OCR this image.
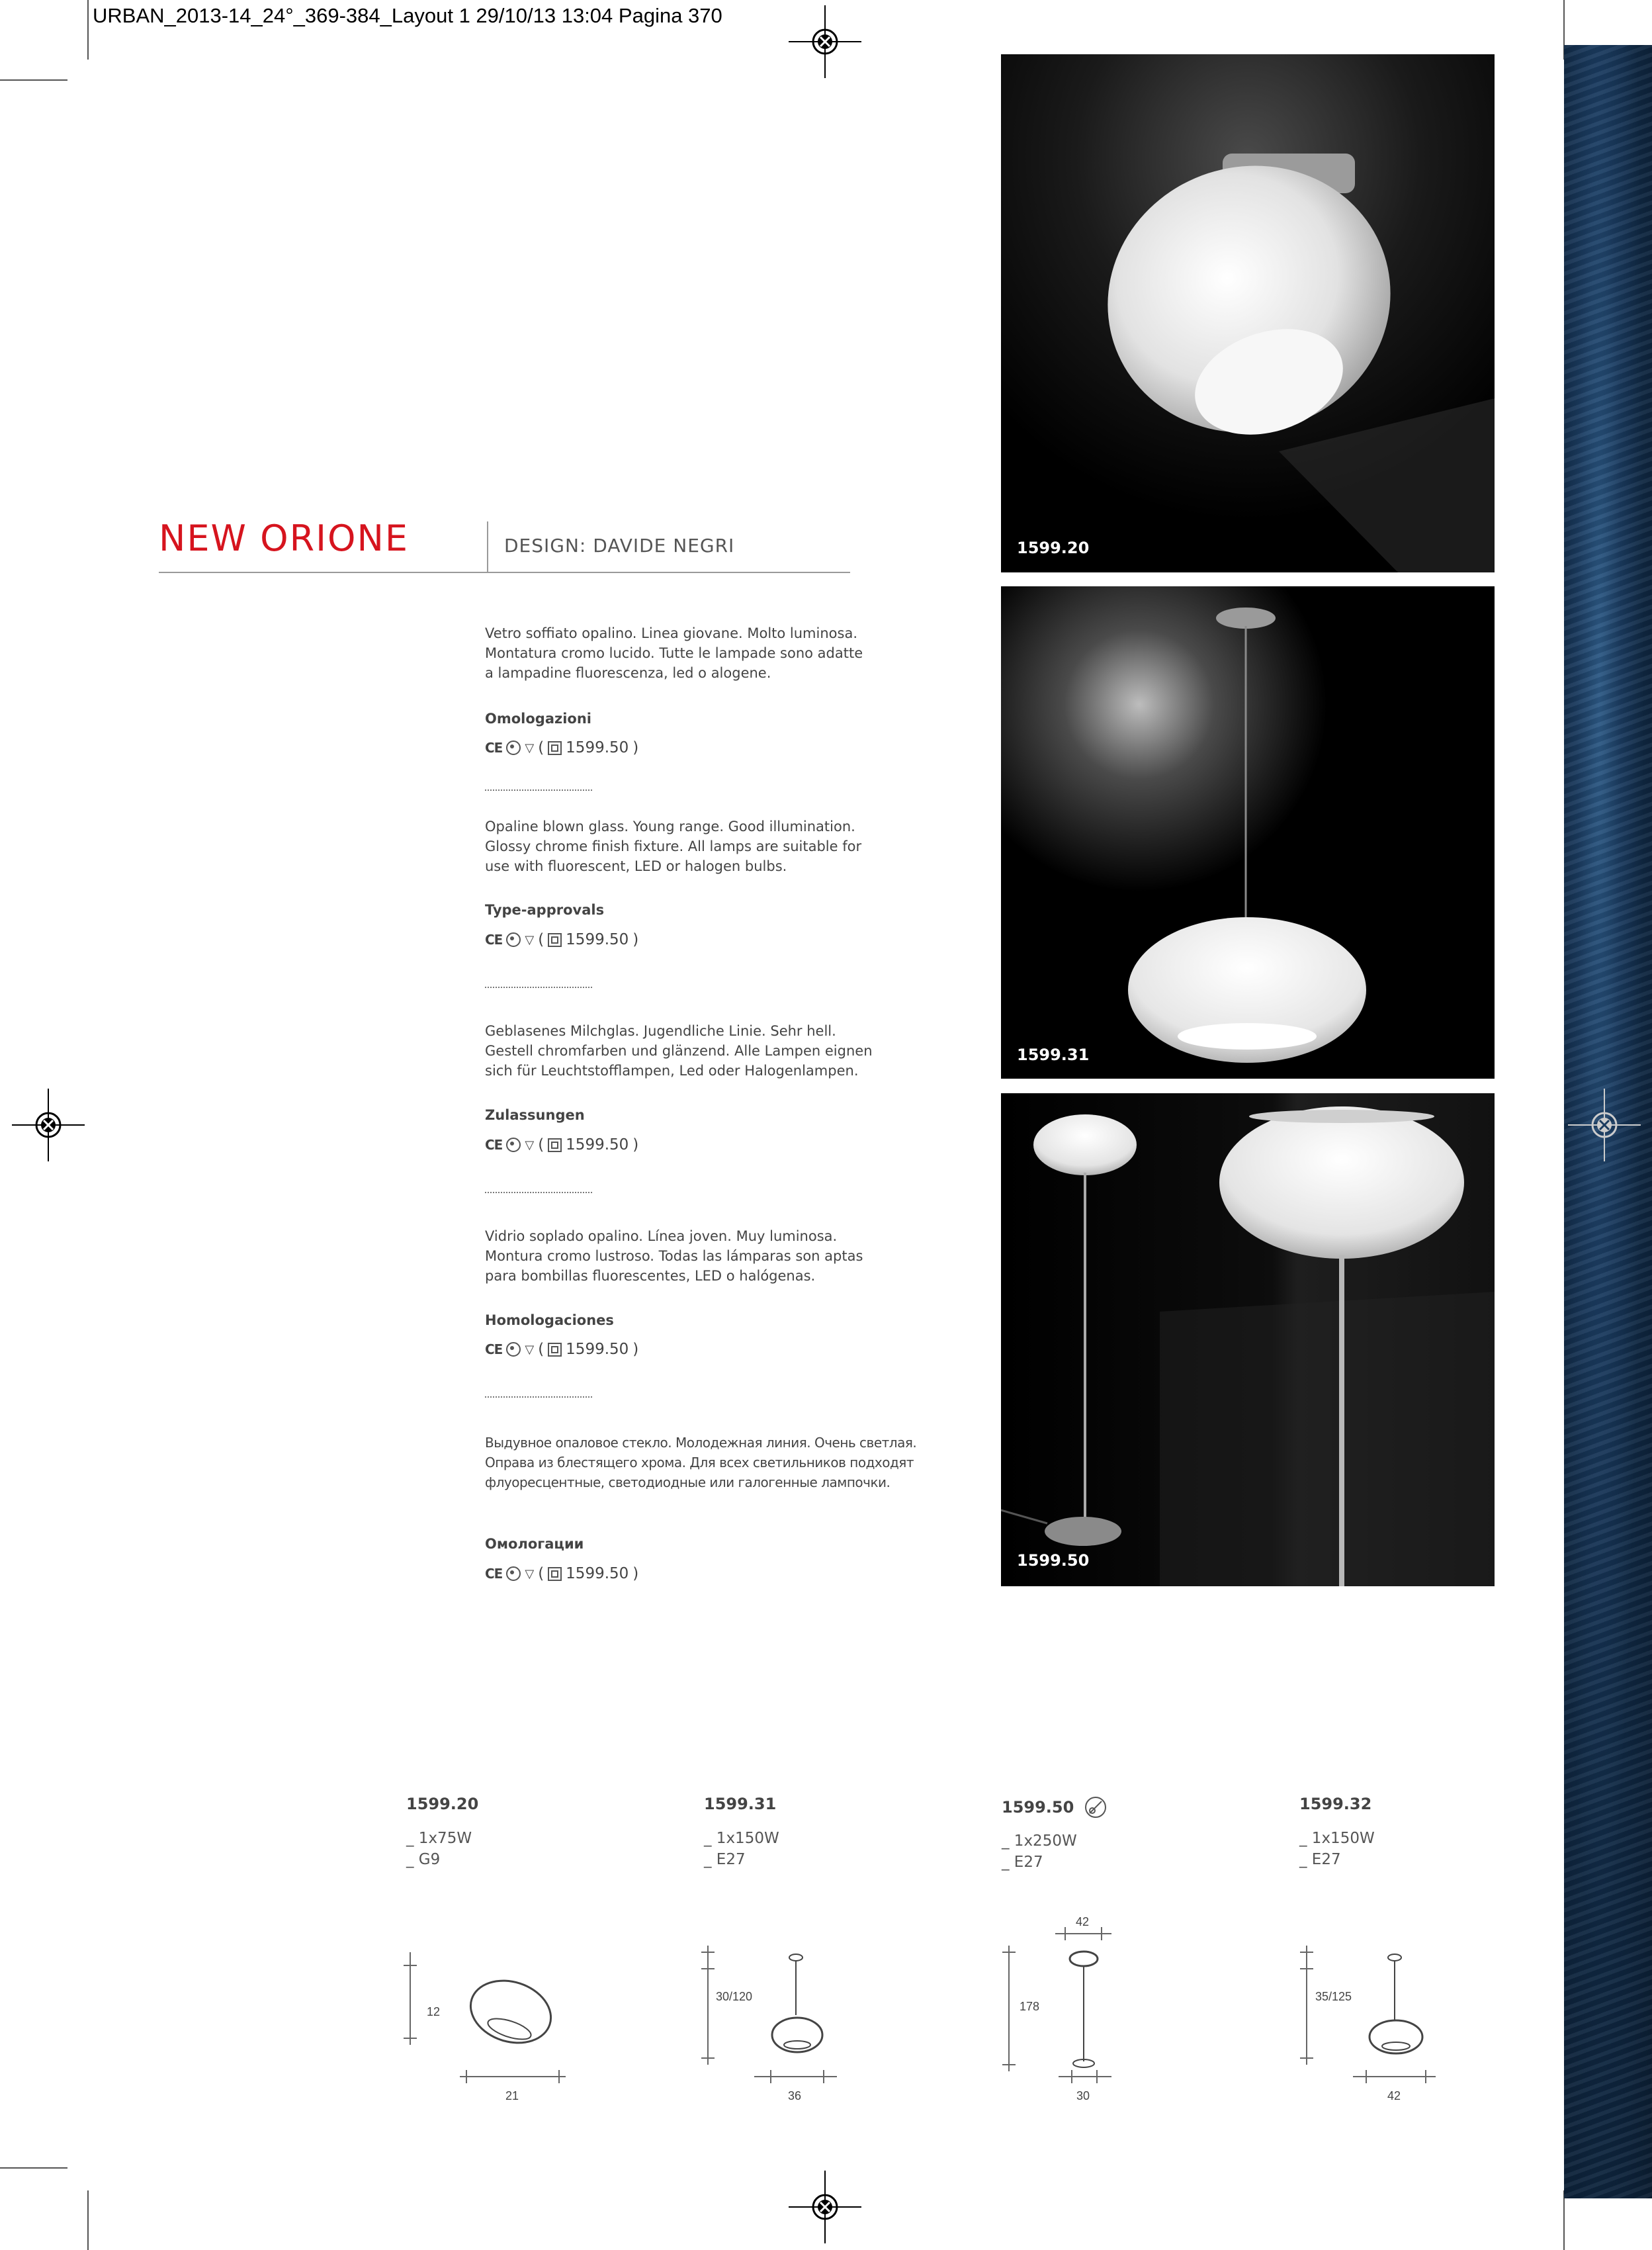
URBAN_2013-14_24°_369-384_Layout 1 29/10/13 13:04 Pagina 370
NEW ORIONE	DESIGN: DAVIDE NEGRI
Vetro soffiato opalino. Linea giovane. Molto luminosa.
Montatura cromo lucido. Tutte le lampade sono adatte
a lampadine fluorescenza, led o alogene.
Omologazioni
CE ▽ ( 1599.50 )
Opaline blown glass. Young range. Good illumination.
Glossy chrome finish fixture. All lamps are suitable for
use with fluorescent, LED or halogen bulbs.
Type-approvals
CE ▽ ( 1599.50 )
Geblasenes Milchglas. Jugendliche Linie. Sehr hell.
Gestell chromfarben und glänzend. Alle Lampen eignen
sich für Leuchtstofflampen, Led oder Halogenlampen.
Zulassungen
CE ▽ ( 1599.50 )
Vidrio soplado opalino. Línea joven. Muy luminosa.
Montura cromo lustroso. Todas las lámparas son aptas
para bombillas fluorescentes, LED o halógenas.
Homologaciones
CE ▽ ( 1599.50 )
Выдувное опаловое стекло. Молодежная линия. Очень светлая.
Оправа из блестящего хрома. Для всех светильников подходят
флуоресцентные, светодиодные или галогенные лампочки.
Омологации
CE ▽ ( 1599.50 )
1599.20
1599.31
1599.50
1599.20
_ 1x75W
_ G9
1599.31
_ 1x150W
_ E27
1599.50
_ 1x250W
_ E27
1599.32
_ 1x150W
_ E27
12
21
30/120
36
42
178
30
35/125
42
